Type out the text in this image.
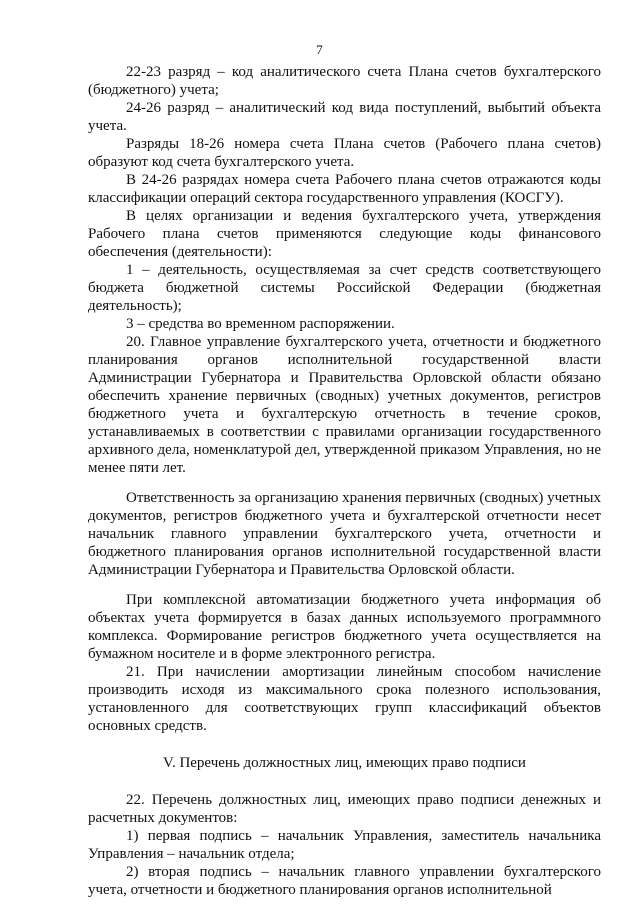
7

22-23 разряд – код аналитического счета Плана счетов бухгалтерского (бюджетного) учета;

24-26 разряд – аналитический код вида поступлений, выбытий объекта учета.

Разряды 18-26 номера счета Плана счетов (Рабочего плана счетов) образуют код счета бухгалтерского учета.

В 24-26 разрядах номера счета Рабочего плана счетов отражаются коды классификации операций сектора государственного управления (КОСГУ).

В целях организации и ведения бухгалтерского учета, утверждения Рабочего плана счетов применяются следующие коды финансового обеспечения (деятельности):

1 – деятельность, осуществляемая за счет средств соответствующего бюджета бюджетной системы Российской Федерации (бюджетная деятельность);

3 – средства во временном распоряжении.

20. Главное управление бухгалтерского учета, отчетности и бюджетного планирования органов исполнительной государственной власти Администрации Губернатора и Правительства Орловской области обязано обеспечить хранение первичных (сводных) учетных документов, регистров бюджетного учета и бухгалтерскую отчетность в течение сроков, устанавливаемых в соответствии с правилами организации государственного архивного дела, номенклатурой дел, утвержденной приказом Управления, но не менее пяти лет.

Ответственность за организацию хранения первичных (сводных) учетных документов, регистров бюджетного учета и бухгалтерской отчетности несет начальник главного управлении бухгалтерского учета, отчетности и бюджетного планирования органов исполнительной государственной власти Администрации Губернатора и Правительства Орловской области.

При комплексной автоматизации бюджетного учета информация об объектах учета формируется в базах данных используемого программного комплекса. Формирование регистров бюджетного учета осуществляется на бумажном носителе и в форме электронного регистра.

21. При начислении амортизации линейным способом начисление производить исходя из максимального срока полезного использования, установленного для соответствующих групп классификаций объектов основных средств.

V. Перечень должностных лиц, имеющих право подписи

22. Перечень должностных лиц, имеющих право подписи денежных и расчетных документов:

1) первая подпись – начальник Управления, заместитель начальника Управления – начальник отдела;

2) вторая подпись – начальник главного управлении бухгалтерского учета, отчетности и бюджетного планирования органов исполнительной
